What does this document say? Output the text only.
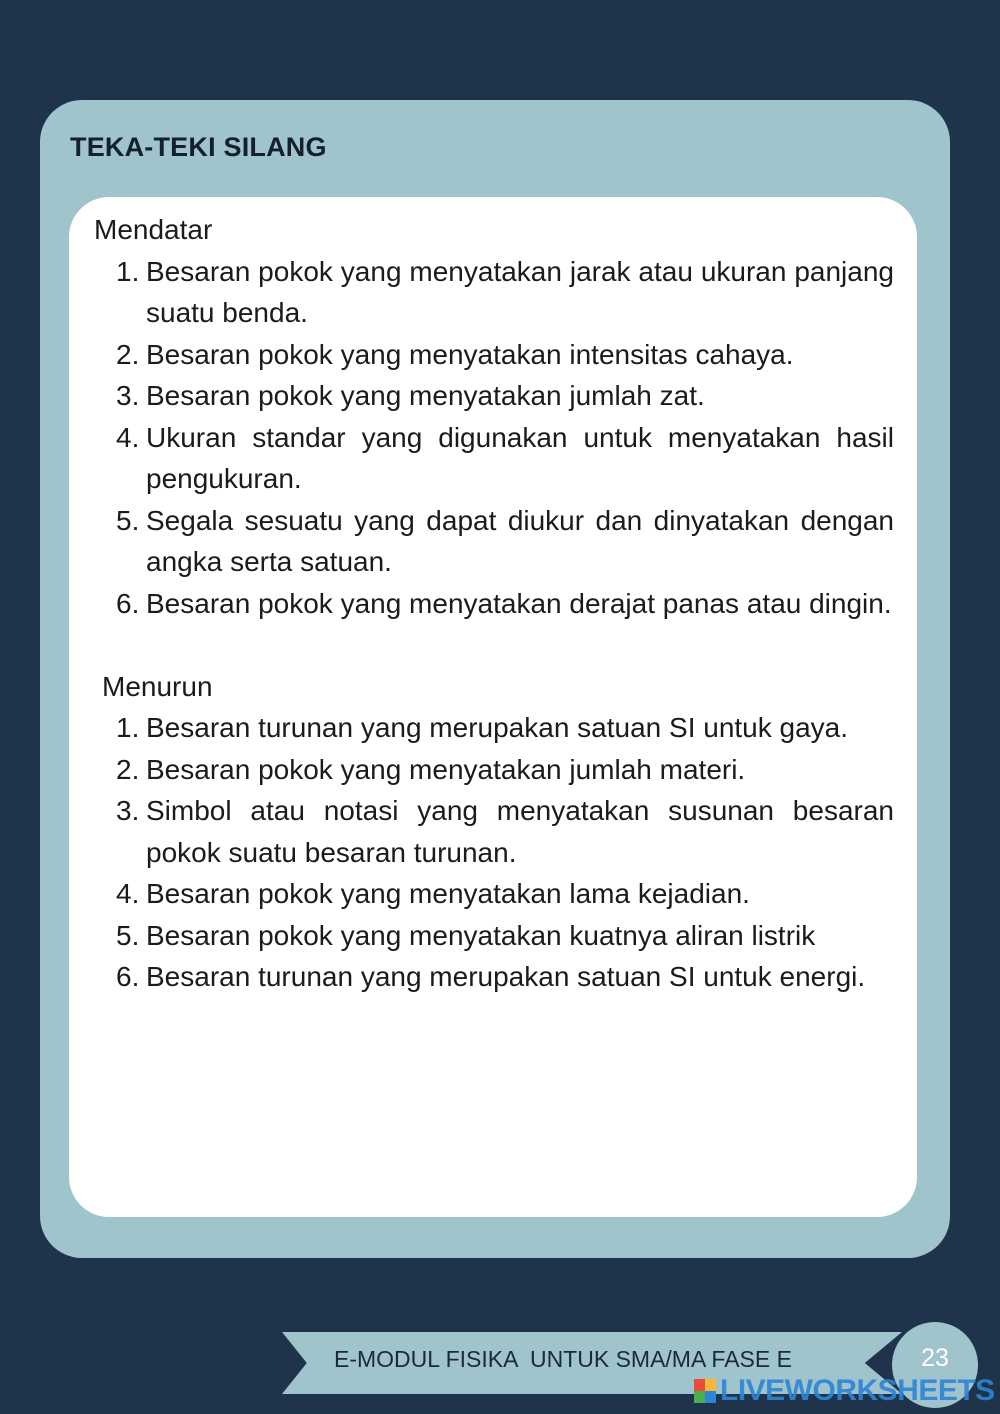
TEKA-TEKI SILANG

Mendatar

1. Besaran pokok yang menyatakan jarak atau ukuran panjang suatu benda.
2. Besaran pokok yang menyatakan intensitas cahaya.
3. Besaran pokok yang menyatakan jumlah zat.
4. Ukuran standar yang digunakan untuk menyatakan hasil pengukuran.
5. Segala sesuatu yang dapat diukur dan dinyatakan dengan angka serta satuan.
6. Besaran pokok yang menyatakan derajat panas atau dingin.

Menurun

1. Besaran turunan yang merupakan satuan SI untuk gaya.
2. Besaran pokok yang menyatakan jumlah materi.
3. Simbol atau notasi yang menyatakan susunan besaran pokok suatu besaran turunan.
4. Besaran pokok yang menyatakan lama kejadian.
5. Besaran pokok yang menyatakan kuatnya aliran listrik
6. Besaran turunan yang merupakan satuan SI untuk energi.
E-MODUL FISIKA  UNTUK SMA/MA FASE E	23
LIVEWORKSHEETS
